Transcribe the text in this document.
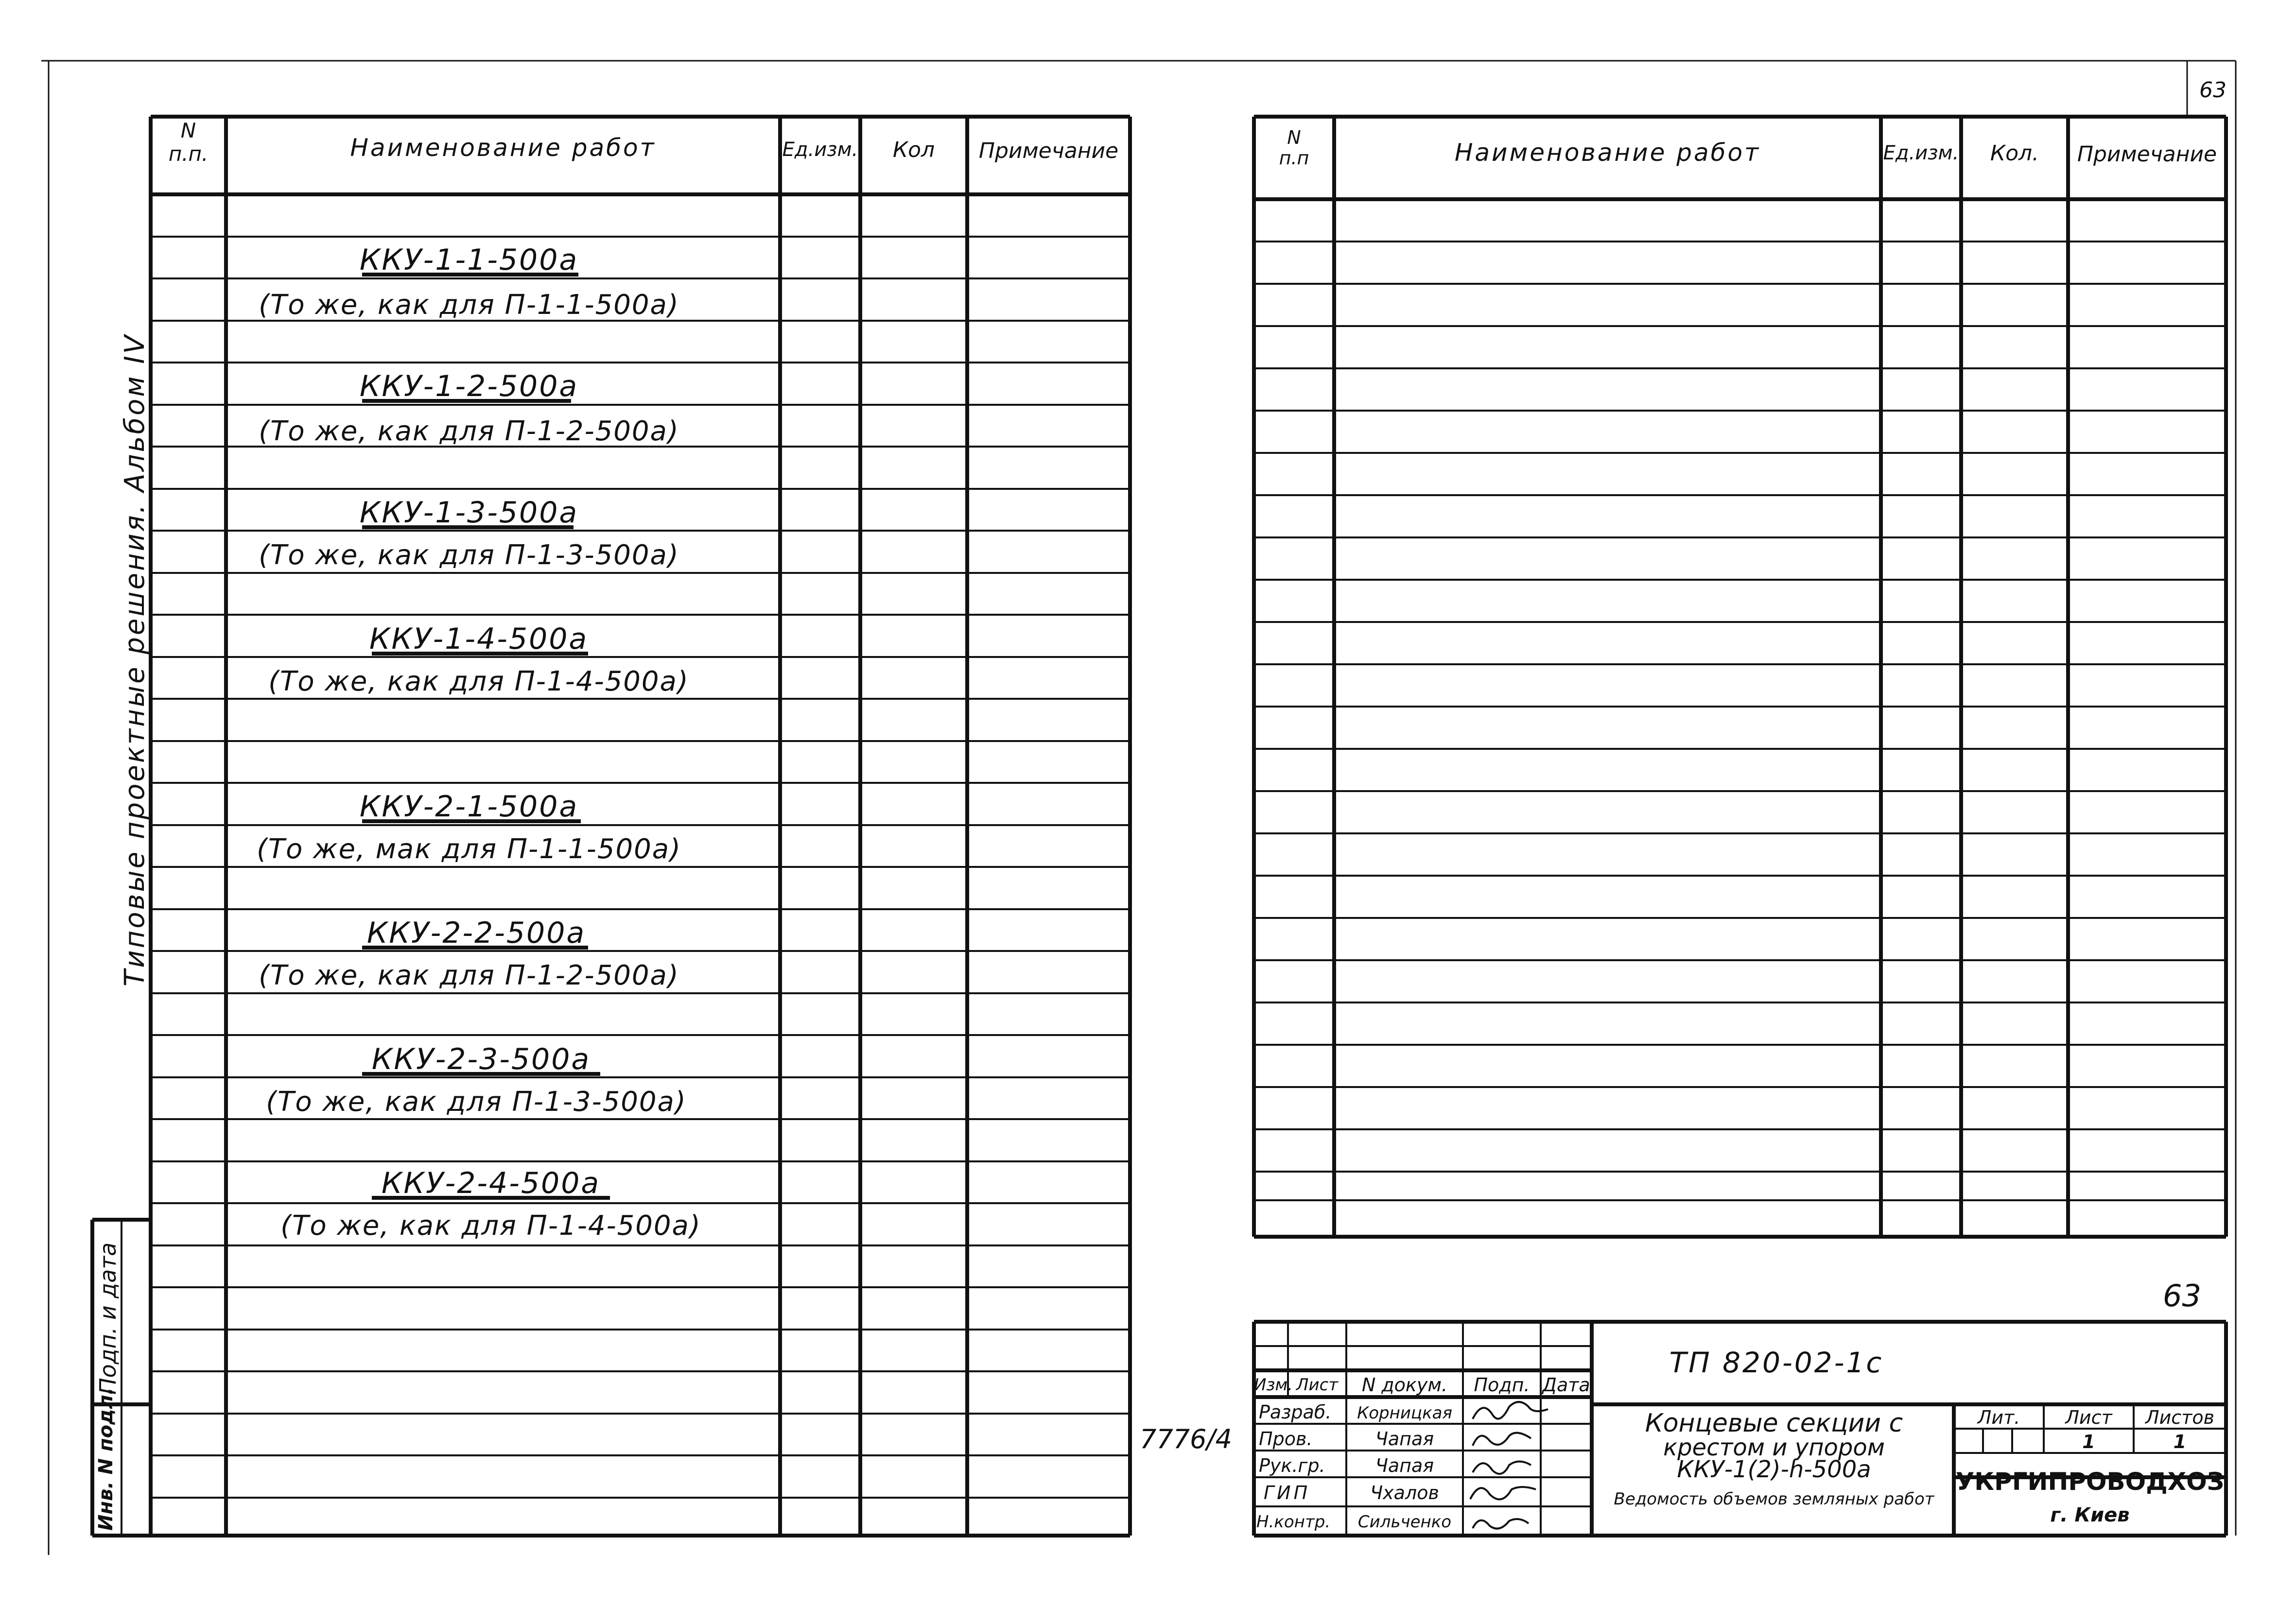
63
N
п.п.	Наименование работ	Ед.изм.	Кол	Примечание
ККУ-1-1-500а
(То же, как для П-1-1-500а)
ККУ-1-2-500а
(То же, как для П-1-2-500а)
ККУ-1-3-500а
(То же, как для П-1-3-500а)
ККУ-1-4-500а
(То же, как для П-1-4-500а)
ККУ-2-1-500а
(То же, мак для П-1-1-500а)
ККУ-2-2-500а
(То же, как для П-1-2-500а)
ККУ-2-3-500а
(То же, как для П-1-3-500а)
ККУ-2-4-500а
(То же, как для П-1-4-500а)
N
п.п	Наименование работ	Ед.изм.	Кол.	Примечание
Типовые проектные решения. Альбом IV
Подп. и дата
Инв. N подл.	7776/4
63
ТП 820-02-1с
Изм. Лист	N докум.	Подп. Дата
Разраб.	Корницкая
Пров.	Чапая
Рук.гр.	Чапая
ГИП	Чхалов
Н.контр.	Сильченко
Концевые секции с
крестом и упором
ККУ-1(2)-h-500а
Ведомость объемов земляных работ
Лит.	Лист	Листов
1	1
УКРГИПРОВОДХОЗ
г. Киев
